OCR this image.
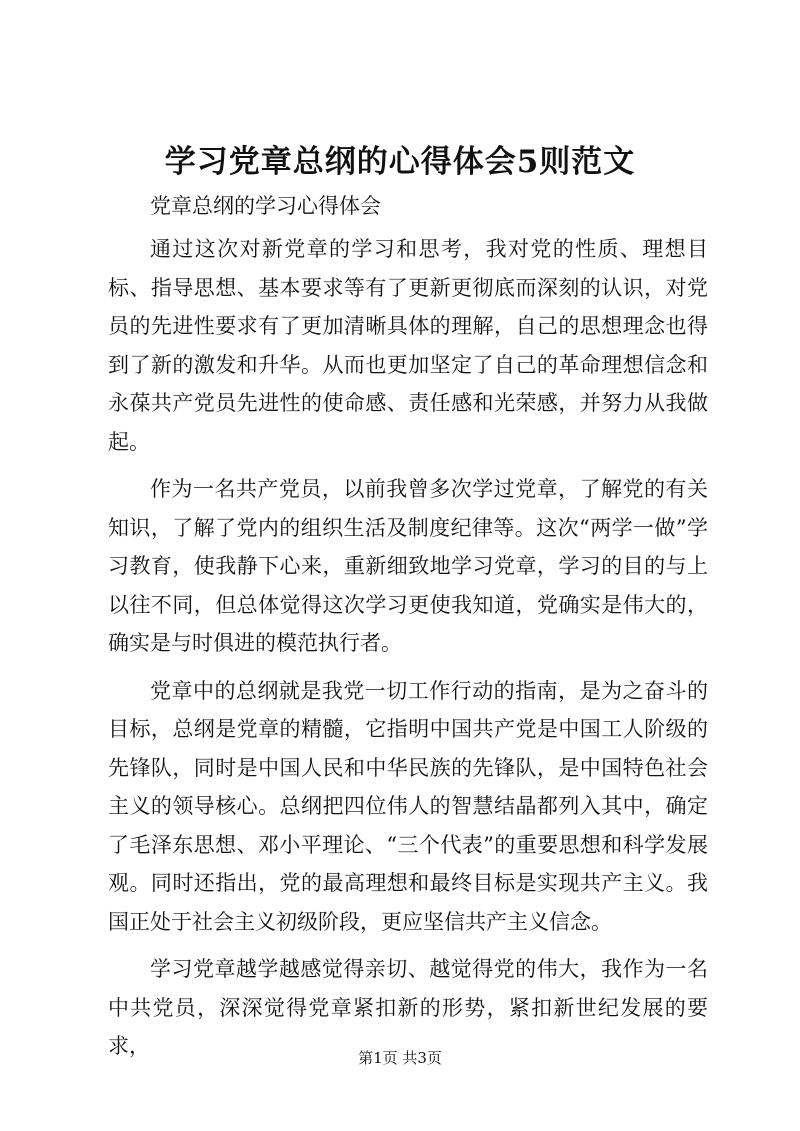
学习党章总纲的心得体会5则范文
党章总纲的学习心得体会

通过这次对新党章的学习和思考，我对党的性质、理想目标、指导思想、基本要求等有了更新更彻底而深刻的认识，对党员的先进性要求有了更加清晰具体的理解，自己的思想理念也得到了新的激发和升华。从而也更加坚定了自己的革命理想信念和永葆共产党员先进性的使命感、责任感和光荣感，并努力从我做起。

作为一名共产党员，以前我曾多次学过党章，了解党的有关知识，了解了党内的组织生活及制度纪律等。这次“两学一做”学习教育，使我静下心来，重新细致地学习党章，学习的目的与上以往不同，但总体觉得这次学习更使我知道，党确实是伟大的，确实是与时俱进的模范执行者。

党章中的总纲就是我党一切工作行动的指南，是为之奋斗的目标，总纲是党章的精髓，它指明中国共产党是中国工人阶级的先锋队，同时是中国人民和中华民族的先锋队，是中国特色社会主义的领导核心。总纲把四位伟人的智慧结晶都列入其中，确定了毛泽东思想、邓小平理论、“三个代表”的重要思想和科学发展观。同时还指出，党的最高理想和最终目标是实现共产主义。我国正处于社会主义初级阶段，更应坚信共产主义信念。

学习党章越学越感觉得亲切、越觉得党的伟大，我作为一名中共党员，深深觉得党章紧扣新的形势，紧扣新世纪发展的要求，	第1页 共3页
